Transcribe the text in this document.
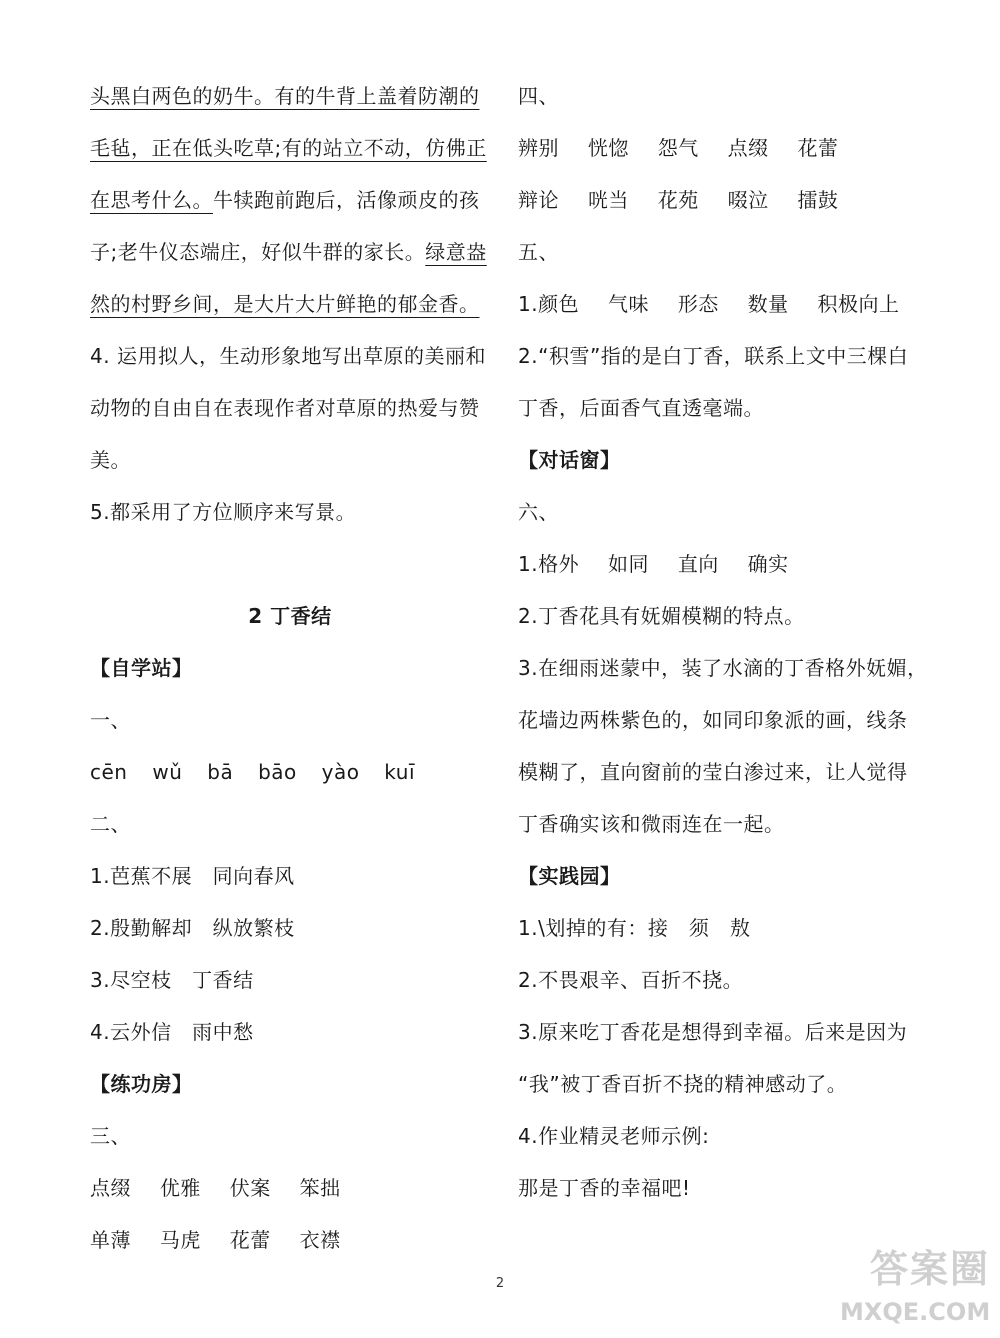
头黑白两色的奶牛。有的牛背上盖着防潮的
毛毡，正在低头吃草;有的站立不动，仿佛正
在思考什么。牛犊跑前跑后，活像顽皮的孩
子;老牛仪态端庄，好似牛群的家长。绿意盎
然的村野乡间，是大片大片鲜艳的郁金香。
4. 运用拟人，生动形象地写出草原的美丽和
动物的自由自在表现作者对草原的热爱与赞
美。
5.都采用了方位顺序来写景。
2 丁香结
【自学站】
一、
cēn wǔ bā bāo yào kuī
二、
1.芭蕉不展   同向春风
2.殷勤解却   纵放繁枝
3.尽空枝   丁香结
4.云外信   雨中愁
【练功房】
三、
点缀 优雅 伏案 笨拙
单薄 马虎 花蕾 衣襟
四、
辨别 恍惚 怨气 点缀 花蕾
辩论 咣当 花苑 啜泣 擂鼓
五、
1.颜色 气味 形态 数量 积极向上
2.“积雪”指的是白丁香，联系上文中三棵白
丁香，后面香气直透毫端。
【对话窗】
六、
1.格外 如同 直向 确实
2.丁香花具有妩媚模糊的特点。
3.在细雨迷蒙中，装了水滴的丁香格外妩媚，
花墙边两株紫色的，如同印象派的画，线条
模糊了，直向窗前的莹白渗过来，让人觉得
丁香确实该和微雨连在一起。
【实践园】
1.\划掉的有：接   须   敖
2.不畏艰辛、百折不挠。
3.原来吃丁香花是想得到幸福。后来是因为
“我”被丁香百折不挠的精神感动了。
4.作业精灵老师示例:
那是丁香的幸福吧!
2	答案圈
MXQE.COM
